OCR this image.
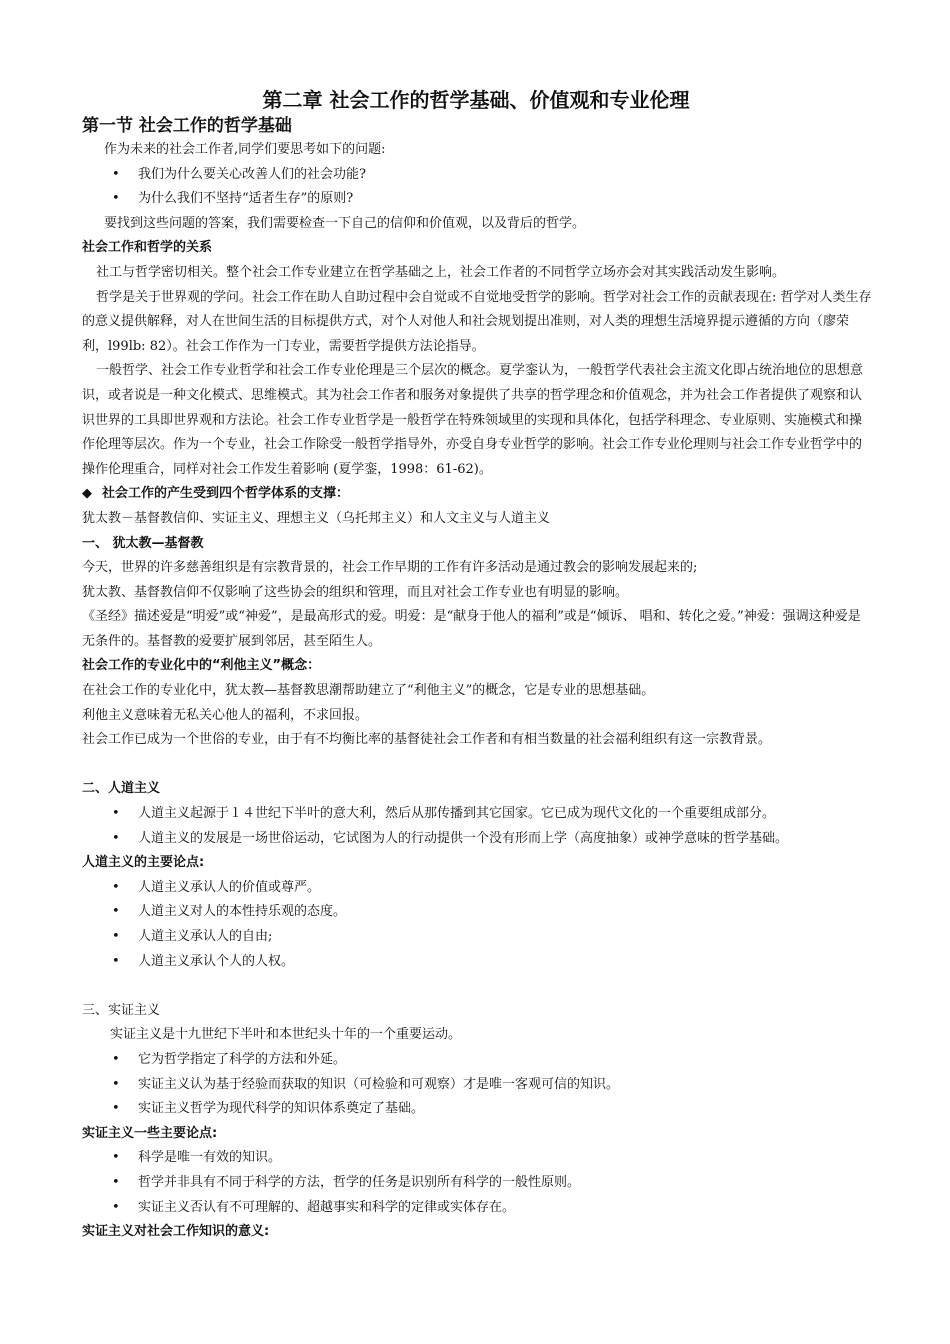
第二章 社会工作的哲学基础、价值观和专业伦理
第一节 社会工作的哲学基础

作为未来的社会工作者,同学们要思考如下的问题:

• 我们为什么要关心改善人们的社会功能?
• 为什么我们不坚持“适者生存”的原则?

要找到这些问题的答案，我们需要检查一下自己的信仰和价值观，以及背后的哲学。

社会工作和哲学的关系

社工与哲学密切相关。整个社会工作专业建立在哲学基础之上，社会工作者的不同哲学立场亦会对其实践活动发生影响。

哲学是关于世界观的学问。社会工作在助人自助过程中会自觉或不自觉地受哲学的影响。哲学对社会工作的贡献表现在: 哲学对人类生存的意义提供解释，对人在世间生活的目标提供方式，对个人对他人和社会规划提出准则，对人类的理想生活境界提示遵循的方向（廖荣利，l99lb: 82）。社会工作作为一门专业，需要哲学提供方法论指导。

一般哲学、社会工作专业哲学和社会工作专业伦理是三个层次的概念。夏学銮认为，一般哲学代表社会主流文化即占统治地位的思想意识，或者说是一种文化模式、思维模式。其为社会工作者和服务对象提供了共享的哲学理念和价值观念，并为社会工作者提供了观察和认识世界的工具即世界观和方法论。社会工作专业哲学是一般哲学在特殊领域里的实现和具体化，包括学科理念、专业原则、实施模式和操作伦理等层次。作为一个专业，社会工作除受一般哲学指导外，亦受自身专业哲学的影响。社会工作专业伦理则与社会工作专业哲学中的操作伦理重合，同样对社会工作发生着影响 (夏学銮，1998：61-62)。

◆ 社会工作的产生受到四个哲学体系的支撑：

犹太教－基督教信仰、实证主义、理想主义（乌托邦主义）和人文主义与人道主义

一、 犹太教—基督教

今天，世界的许多慈善组织是有宗教背景的，社会工作早期的工作有许多活动是通过教会的影响发展起来的;

犹太教、基督教信仰不仅影响了这些协会的组织和管理，而且对社会工作专业也有明显的影响。

《圣经》描述爱是“明爱”或“神爱”，是最高形式的爱。明爱：是“献身于他人的福利”或是“倾诉、 唱和、转化之爱。”神爱：强调这种爱是无条件的。基督教的爱要扩展到邻居，甚至陌生人。

社会工作的专业化中的“利他主义”概念：

在社会工作的专业化中，犹太教—基督教思潮帮助建立了“利他主义”的概念，它是专业的思想基础。

利他主义意味着无私关心他人的福利，不求回报。

社会工作已成为一个世俗的专业，由于有不均衡比率的基督徒社会工作者和有相当数量的社会福利组织有这一宗教背景。

二、人道主义

• 人道主义起源于１４世纪下半叶的意大利，然后从那传播到其它国家。它已成为现代文化的一个重要组成部分。
• 人道主义的发展是一场世俗运动，它试图为人的行动提供一个没有形而上学（高度抽象）或神学意味的哲学基础。

人道主义的主要论点:

• 人道主义承认人的价值或尊严。
• 人道主义对人的本性持乐观的态度。
• 人道主义承认人的自由;
• 人道主义承认个人的人权。

三、实证主义

实证主义是十九世纪下半叶和本世纪头十年的一个重要运动。

• 它为哲学指定了科学的方法和外延。
• 实证主义认为基于经验而获取的知识（可检验和可观察）才是唯一客观可信的知识。
• 实证主义哲学为现代科学的知识体系奠定了基础。

实证主义一些主要论点:

• 科学是唯一有效的知识。
• 哲学并非具有不同于科学的方法，哲学的任务是识别所有科学的一般性原则。
• 实证主义否认有不可理解的、超越事实和科学的定律或实体存在。

实证主义对社会工作知识的意义:
